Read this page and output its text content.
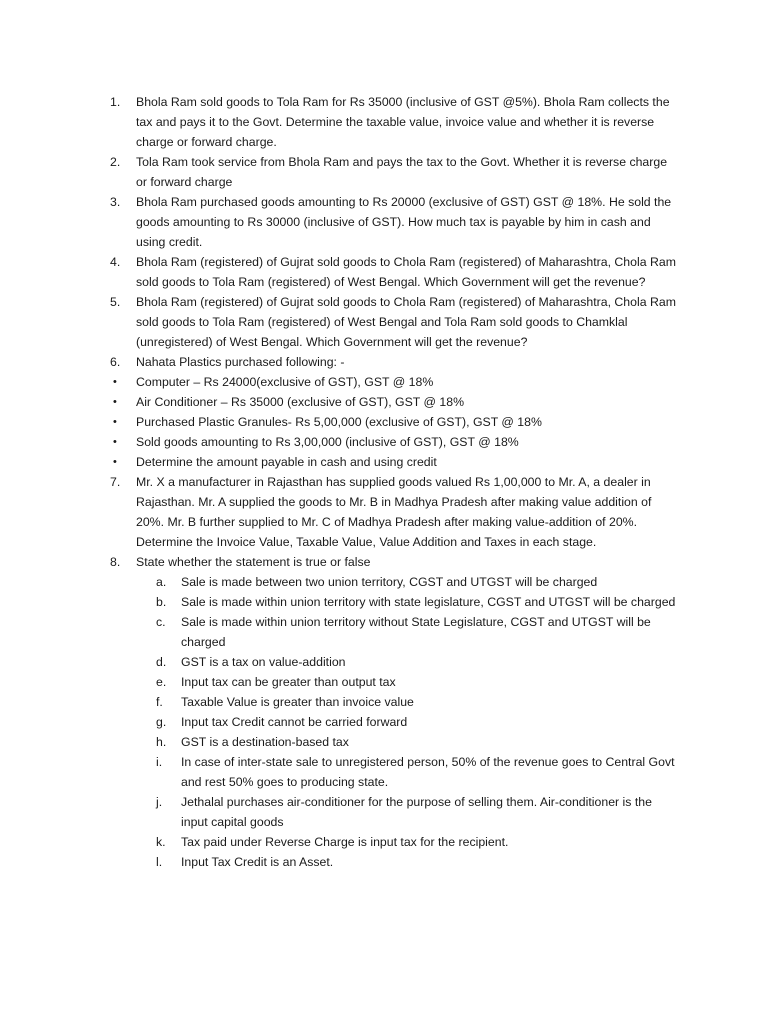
1. Bhola Ram sold goods to Tola Ram for Rs 35000 (inclusive of GST @5%). Bhola Ram collects the tax and pays it to the Govt. Determine the taxable value, invoice value and whether it is reverse charge or forward charge.
2. Tola Ram took service from Bhola Ram and pays the tax to the Govt. Whether it is reverse charge or forward charge
3. Bhola Ram purchased goods amounting to Rs 20000 (exclusive of GST) GST @ 18%. He sold the goods amounting to Rs 30000 (inclusive of GST). How much tax is payable by him in cash and using credit.
4. Bhola Ram (registered) of Gujrat sold goods to Chola Ram (registered) of Maharashtra, Chola Ram sold goods to Tola Ram (registered) of West Bengal. Which Government will get the revenue?
5. Bhola Ram (registered) of Gujrat sold goods to Chola Ram (registered) of Maharashtra, Chola Ram sold goods to Tola Ram (registered) of West Bengal and Tola Ram sold goods to Chamklal (unregistered) of West Bengal. Which Government will get the revenue?
6. Nahata Plastics purchased following: -
• Computer – Rs 24000(exclusive of GST), GST @ 18%
• Air Conditioner – Rs 35000 (exclusive of GST), GST @ 18%
• Purchased Plastic Granules- Rs 5,00,000 (exclusive of GST), GST @ 18%
• Sold goods amounting to Rs 3,00,000 (inclusive of GST), GST @ 18%
• Determine the amount payable in cash and using credit
7. Mr. X a manufacturer in Rajasthan has supplied goods valued Rs 1,00,000 to Mr. A, a dealer in Rajasthan. Mr. A supplied the goods to Mr. B in Madhya Pradesh after making value addition of 20%. Mr. B further supplied to Mr. C of Madhya Pradesh after making value-addition of 20%. Determine the Invoice Value, Taxable Value, Value Addition and Taxes in each stage.
8. State whether the statement is true or false
a. Sale is made between two union territory, CGST and UTGST will be charged
b. Sale is made within union territory with state legislature, CGST and UTGST will be charged
c. Sale is made within union territory without State Legislature, CGST and UTGST will be charged
d. GST is a tax on value-addition
e. Input tax can be greater than output tax
f. Taxable Value is greater than invoice value
g. Input tax Credit cannot be carried forward
h. GST is a destination-based tax
i. In case of inter-state sale to unregistered person, 50% of the revenue goes to Central Govt and rest 50% goes to producing state.
j. Jethalal purchases air-conditioner for the purpose of selling them. Air-conditioner is the input capital goods
k. Tax paid under Reverse Charge is input tax for the recipient.
l. Input Tax Credit is an Asset.
